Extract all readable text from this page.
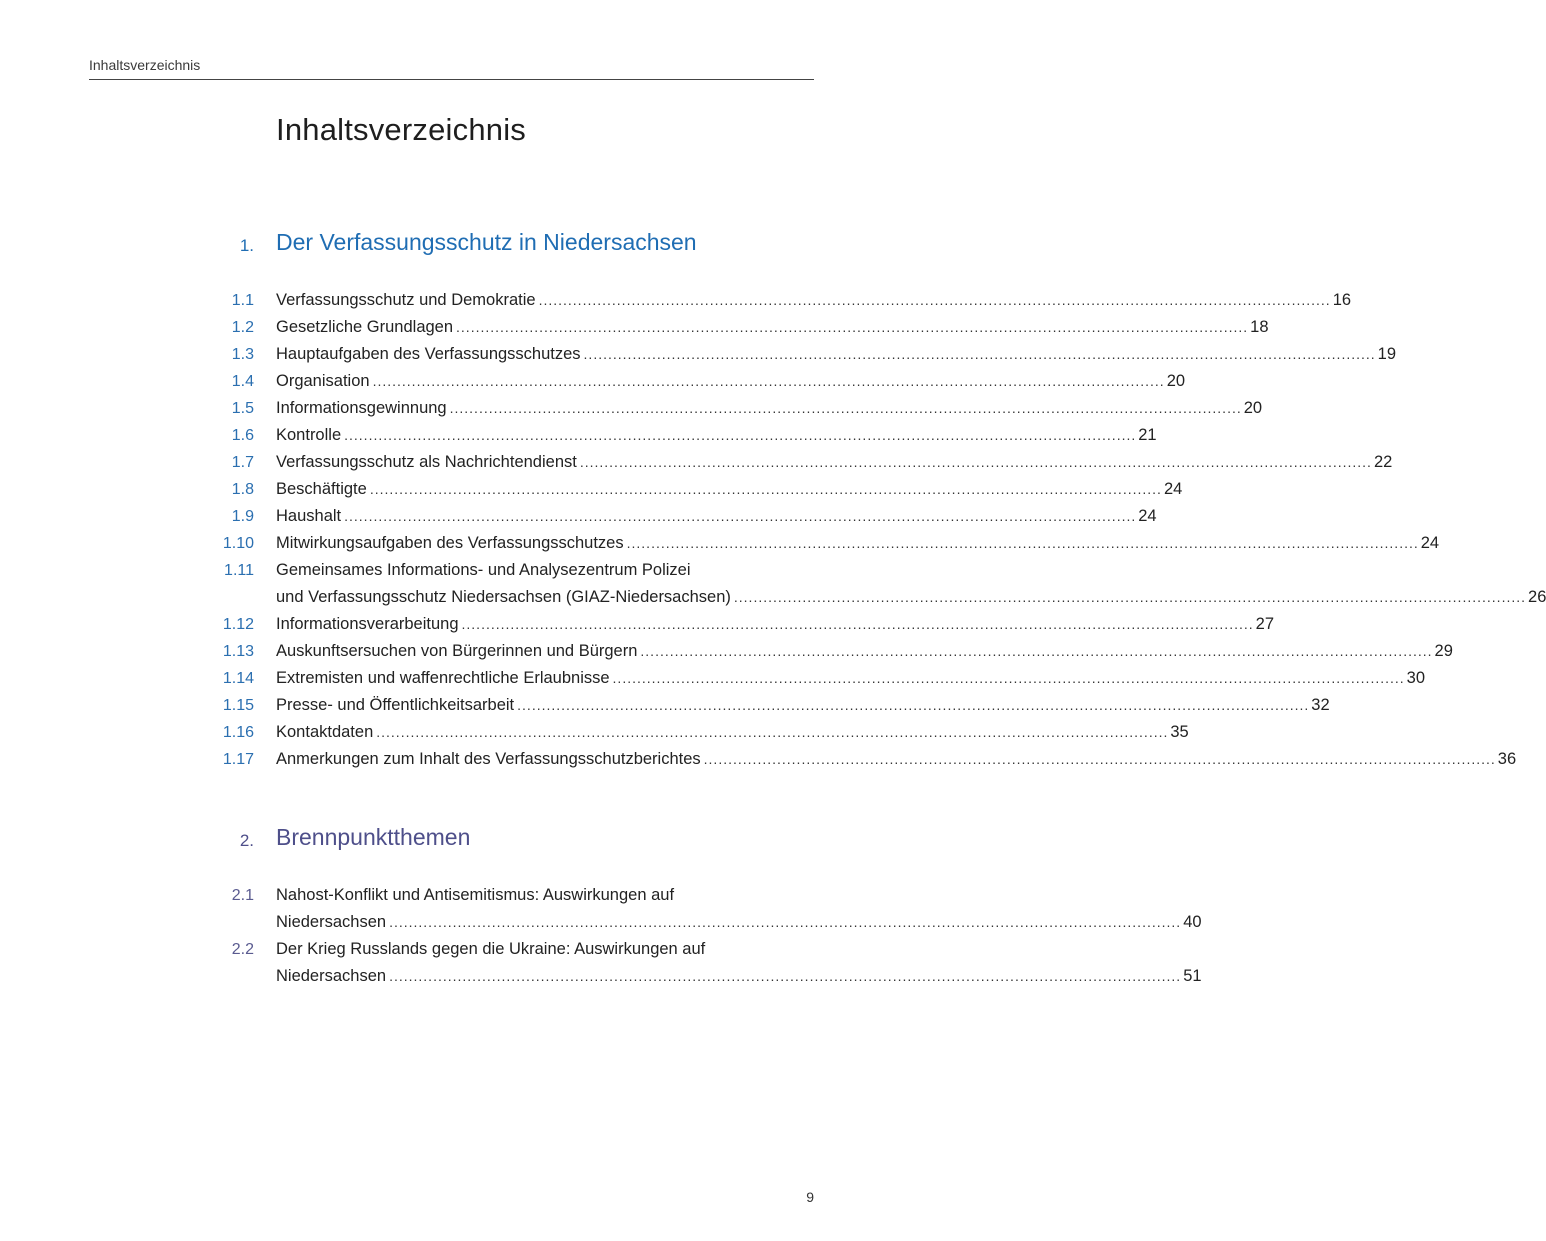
Inhaltsverzeichnis
Inhaltsverzeichnis
1. Der Verfassungsschutz in Niedersachsen
1.1 Verfassungsschutz und Demokratie .................................................................................................................................................................. 16
1.2 Gesetzliche Grundlagen .................................................................................................................................................................. 18
1.3 Hauptaufgaben des Verfassungsschutzes .................................................................................................................................................................. 19
1.4 Organisation .................................................................................................................................................................. 20
1.5 Informationsgewinnung .................................................................................................................................................................. 20
1.6 Kontrolle .................................................................................................................................................................. 21
1.7 Verfassungsschutz als Nachrichtendienst .................................................................................................................................................................. 22
1.8 Beschäftigte .................................................................................................................................................................. 24
1.9 Haushalt .................................................................................................................................................................. 24
1.10 Mitwirkungsaufgaben des Verfassungsschutzes .................................................................................................................................................................. 24
1.11 Gemeinsames Informations- und Analysezentrum Polizei
und Verfassungsschutz Niedersachsen (GIAZ-Niedersachsen) .................................................................................................................................................................. 26
1.12 Informationsverarbeitung .................................................................................................................................................................. 27
1.13 Auskunftsersuchen von Bürgerinnen und Bürgern .................................................................................................................................................................. 29
1.14 Extremisten und waffenrechtliche Erlaubnisse .................................................................................................................................................................. 30
1.15 Presse- und Öffentlichkeitsarbeit .................................................................................................................................................................. 32
1.16 Kontaktdaten .................................................................................................................................................................. 35
1.17 Anmerkungen zum Inhalt des Verfassungsschutzberichtes .................................................................................................................................................................. 36
2. Brennpunktthemen
2.1 Nahost-Konflikt und Antisemitismus: Auswirkungen auf
Niedersachsen .................................................................................................................................................................. 40
2.2 Der Krieg Russlands gegen die Ukraine: Auswirkungen auf
Niedersachsen .................................................................................................................................................................. 51
9
